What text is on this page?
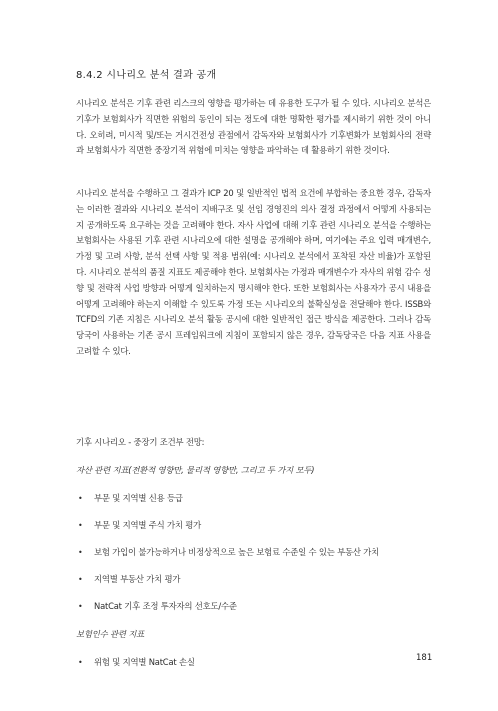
8.4.2 시나리오 분석 결과 공개

시나리오 분석은 기후 관련 리스크의 영향을 평가하는 데 유용한 도구가 될 수 있다. 시나리오 분석은 기후가 보험회사가 직면한 위험의 동인이 되는 정도에 대한 명확한 평가를 제시하기 위한 것이 아니다. 오히려, 미시적 및/또는 거시건전성 관점에서 감독자와 보험회사가 기후변화가 보험회사의 전략과 보험회사가 직면한 중장기적 위험에 미치는 영향을 파악하는 데 활용하기 위한 것이다.

시나리오 분석을 수행하고 그 결과가 ICP 20 및 일반적인 법적 요건에 부합하는 중요한 경우, 감독자는 이러한 결과와 시나리오 분석이 지배구조 및 선임 경영진의 의사 결정 과정에서 어떻게 사용되는지 공개하도록 요구하는 것을 고려해야 한다. 자사 사업에 대해 기후 관련 시나리오 분석을 수행하는 보험회사는 사용된 기후 관련 시나리오에 대한 설명을 공개해야 하며, 여기에는 주요 입력 매개변수, 가정 및 고려 사항, 분석 선택 사항 및 적용 범위(예: 시나리오 분석에서 포착된 자산 비율)가 포함된다. 시나리오 분석의 품질 지표도 제공해야 한다. 보험회사는 가정과 매개변수가 자사의 위험 감수 성향 및 전략적 사업 방향과 어떻게 일치하는지 명시해야 한다. 또한 보험회사는 사용자가 공시 내용을 어떻게 고려해야 하는지 이해할 수 있도록 가정 또는 시나리오의 불확실성을 전달해야 한다. ISSB와 TCFD의 기존 지침은 시나리오 분석 활동 공시에 대한 일반적인 접근 방식을 제공한다. 그러나 감독당국이 사용하는 기존 공시 프레임워크에 지침이 포함되지 않은 경우, 감독당국은 다음 지표 사용을 고려할 수 있다.

기후 시나리오 - 중장기 조건부 전망:
자산 관련 지표(전환적 영향만, 물리적 영향만, 그리고 두 가지 모두)
• 부문 및 지역별 신용 등급
• 부문 및 지역별 주식 가치 평가
• 보험 가입이 불가능하거나 비정상적으로 높은 보험료 수준일 수 있는 부동산 가치
• 지역별 부동산 가치 평가
• NatCat 기후 조정 투자자의 선호도/수준
보험인수 관련 지표
• 위험 및 지역별 NatCat 손실	181
